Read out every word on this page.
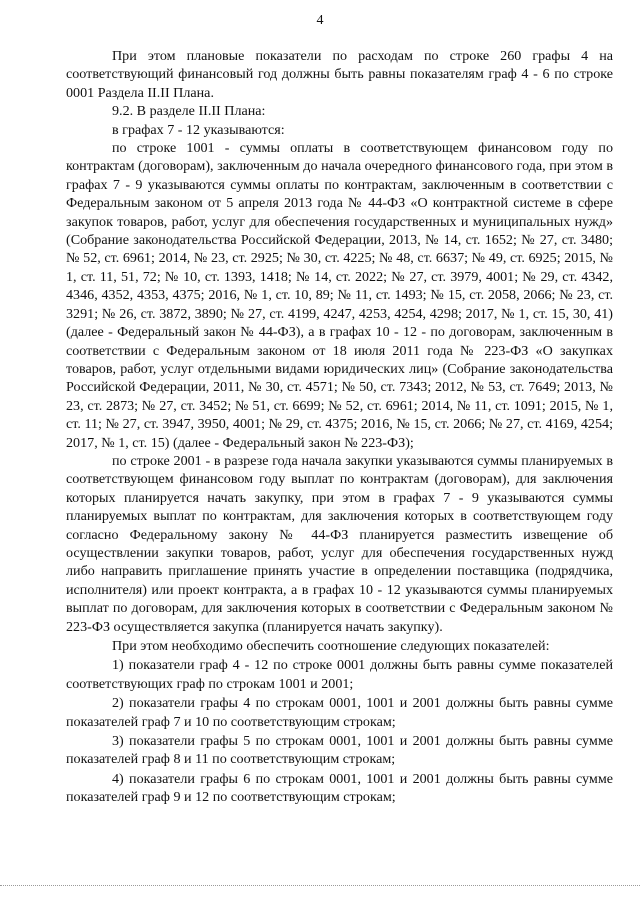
4

При этом плановые показатели по расходам по строке 260 графы 4 на соответствующий финансовый год должны быть равны показателям граф 4 - 6 по строке 0001 Раздела II.II Плана.

9.2. В разделе II.II Плана:

в графах 7 - 12 указываются:

по строке 1001 - суммы оплаты в соответствующем финансовом году по контрактам (договорам), заключенным до начала очередного финансового года, при этом в графах 7 - 9 указываются суммы оплаты по контрактам, заключенным в соответствии с Федеральным законом от 5 апреля 2013 года № 44-ФЗ «О контрактной системе в сфере закупок товаров, работ, услуг для обеспечения государственных и муниципальных нужд» (Собрание законодательства Российской Федерации, 2013, № 14, ст. 1652; № 27, ст. 3480; № 52, ст. 6961; 2014, № 23, ст. 2925; № 30, ст. 4225; № 48, ст. 6637; № 49, ст. 6925; 2015, № 1, ст. 11, 51, 72; № 10, ст. 1393, 1418; № 14, ст. 2022; № 27, ст. 3979, 4001; № 29, ст. 4342, 4346, 4352, 4353, 4375; 2016, № 1, ст. 10, 89; № 11, ст. 1493; № 15, ст. 2058, 2066; № 23, ст. 3291; № 26, ст. 3872, 3890; № 27, ст. 4199, 4247, 4253, 4254, 4298; 2017, № 1, ст. 15, 30, 41) (далее - Федеральный закон № 44-ФЗ), а в графах 10 - 12 - по договорам, заключенным в соответствии с Федеральным законом от 18 июля 2011 года № 223-ФЗ «О закупках товаров, работ, услуг отдельными видами юридических лиц» (Собрание законодательства Российской Федерации, 2011, № 30, ст. 4571; № 50, ст. 7343; 2012, № 53, ст. 7649; 2013, № 23, ст. 2873; № 27, ст. 3452; № 51, ст. 6699; № 52, ст. 6961; 2014, № 11, ст. 1091; 2015, № 1, ст. 11; № 27, ст. 3947, 3950, 4001; № 29, ст. 4375; 2016, № 15, ст. 2066; № 27, ст. 4169, 4254; 2017, № 1, ст. 15) (далее - Федеральный закон № 223-ФЗ);

по строке 2001 - в разрезе года начала закупки указываются суммы планируемых в соответствующем финансовом году выплат по контрактам (договорам), для заключения которых планируется начать закупку, при этом в графах 7 - 9 указываются суммы планируемых выплат по контрактам, для заключения которых в соответствующем году согласно Федеральному закону № 44-ФЗ планируется разместить извещение об осуществлении закупки товаров, работ, услуг для обеспечения государственных нужд либо направить приглашение принять участие в определении поставщика (подрядчика, исполнителя) или проект контракта, а в графах 10 - 12 указываются суммы планируемых выплат по договорам, для заключения которых в соответствии с Федеральным законом № 223-ФЗ осуществляется закупка (планируется начать закупку).

При этом необходимо обеспечить соотношение следующих показателей:

1) показатели граф 4 - 12 по строке 0001 должны быть равны сумме показателей соответствующих граф по строкам 1001 и 2001;

2) показатели графы 4 по строкам 0001, 1001 и 2001 должны быть равны сумме показателей граф 7 и 10 по соответствующим строкам;

3) показатели графы 5 по строкам 0001, 1001 и 2001 должны быть равны сумме показателей граф 8 и 11 по соответствующим строкам;

4) показатели графы 6 по строкам 0001, 1001 и 2001 должны быть равны сумме показателей граф 9 и 12 по соответствующим строкам;
